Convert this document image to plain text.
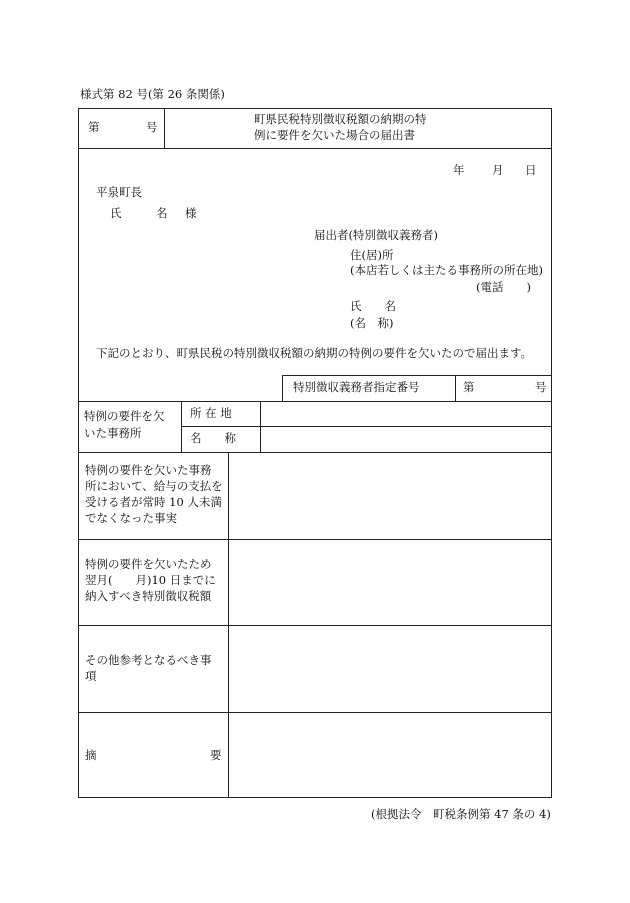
様式第 82 号(第 26 条関係)
第	号
町県民税特別徴収税額の納期の特
例に要件を欠いた場合の届出書
年 月 日
平泉町長
氏　　　名 様
届出者(特別徴収義務者)
住(居)所
(本店若しくは主たる事務所の所在地)
(電話　　)
氏　　名
(名　称)
下記のとおり、町県民税の特別徴収税額の納期の特例の要件を欠いたので届出ます。
特別徴収義務者指定番号	第	号
特例の要件を欠
いた事務所
所 在 地
名　　称
特例の要件を欠いた事務
所において、給与の支払を
受ける者が常時 10 人未満
でなくなった事実
特例の要件を欠いたため
翌月(　　月)10 日までに
納入すべき特別徴収税額
その他参考となるべき事
項
摘	要
(根拠法令　町税条例第 47 条の 4)
